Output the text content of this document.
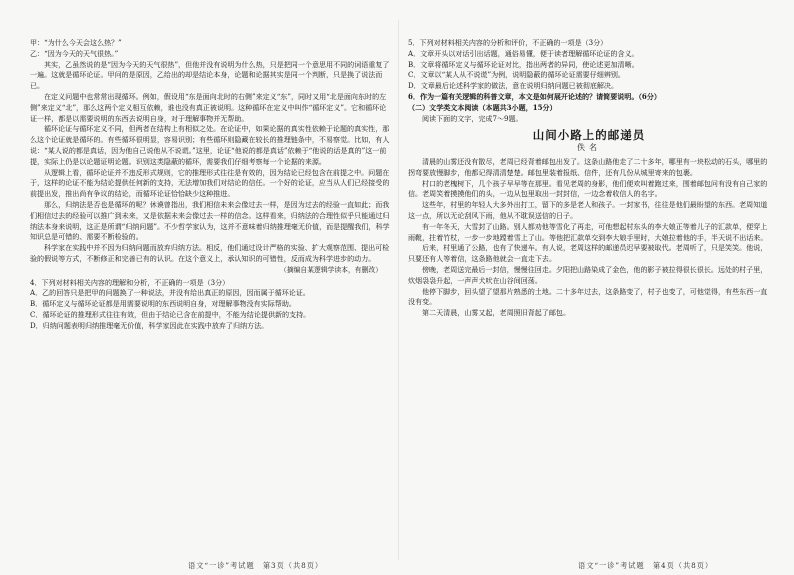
甲：“为什么今天会这么热？”

乙：“因为今天的天气很热。”

其实，乙虽然说的是“因为今天的天气很热”，但他并没有说明为什么热，只是把同一个意思用不同的词语重复了一遍。这就是循环论证。甲问的是原因，乙给出的却是结论本身，论题和论据其实是同一个判断，只是换了说法而已。

在定义问题中也常常出现循环。例如，假设用“东是面向北时的右侧”来定义“东”，同时又用“北是面向东时的左侧”来定义“北”，那么这两个定义相互依赖，谁也没有真正被说明。这种循环在定义中叫作“循环定义”。它和循环论证一样，都是以需要说明的东西去说明自身，对于理解事物并无帮助。

循环论证与循环定义不同，但两者在结构上有相似之处。在论证中，如果论据的真实性依赖于论题的真实性，那么这个论证就是循环的。有些循环很明显，容易识别；有些循环则隐藏在较长的推理链条中，不易察觉。比如，有人说：“某人说的都是真话，因为他自己说他从不说谎。”这里，论证“他说的都是真话”依赖于“他说的话是真的”这一前提，实际上仍是以论题证明论题。识别这类隐蔽的循环，需要我们仔细考察每一个论据的来源。

从逻辑上看，循环论证并不违反形式规则，它的推理形式往往是有效的，因为结论已经包含在前提之中。问题在于，这样的论证不能为结论提供任何新的支持，无法增加我们对结论的信任。一个好的论证，应当从人们已经接受的前提出发，推出尚有争议的结论，而循环论证恰恰缺少这种推进。

那么，归纳法是否也是循环的呢？休谟曾指出，我们相信未来会像过去一样，是因为过去的经验一直如此；而我们相信过去的经验可以推广到未来，又是依据未来会像过去一样的信念。这样看来，归纳法的合理性似乎只能通过归纳法本身来说明，这正是所谓“归纳问题”。不少哲学家认为，这并不意味着归纳推理毫无价值，而是提醒我们，科学知识总是可错的、需要不断检验的。

科学家在实践中并不因为归纳问题而放弃归纳方法。相反，他们通过设计严格的实验、扩大观察范围、提出可检验的假说等方式，不断修正和完善已有的认识。在这个意义上，承认知识的可错性，反而成为科学进步的动力。

（摘编自某逻辑学读本，有删改）

4．下列对材料相关内容的理解和分析，不正确的一项是（3分）

A．乙的回答只是把甲的问题换了一种说法，并没有给出真正的原因，因而属于循环论证。

B．循环定义与循环论证都是用需要说明的东西说明自身，对理解事物没有实际帮助。

C．循环论证的推理形式往往有效，但由于结论已含在前提中，不能为结论提供新的支持。

D．归纳问题表明归纳推理毫无价值，科学家因此在实践中放弃了归纳方法。

5．下列对材料相关内容的分析和评价，不正确的一项是（3分）

A．文章开头以对话引出话题，通俗易懂，便于读者理解循环论证的含义。

B．文章将循环定义与循环论证对比，指出两者的异同，使论述更加清晰。

C．文章以“某人从不说谎”为例，说明隐蔽的循环论证需要仔细辨别。

D．文章最后论述科学家的做法，意在说明归纳问题已被彻底解决。

6．作为一篇有关逻辑的科普文章，本文是如何展开论述的？请简要说明。（6分）

（二）文学类文本阅读（本题共3小题，15分）

阅读下面的文字，完成7～9题。

山间小路上的邮递员
佚名

清晨的山雾还没有散尽，老周已经背着邮包出发了。这条山路他走了二十多年，哪里有一块松动的石头，哪里的拐弯要放慢脚步，他都记得清清楚楚。邮包里装着报纸、信件，还有几份从城里寄来的包裹。

村口的老槐树下，几个孩子早早等在那里。看见老周的身影，他们便欢叫着跑过来，围着邮包问有没有自己家的信。老周笑着摸摸他们的头，一边从包里取出一封封信，一边念着收信人的名字。

这些年，村里的年轻人大多外出打工，留下的多是老人和孩子。一封家书，往往是他们最盼望的东西。老周知道这一点，所以无论刮风下雨，他从不耽误送信的日子。

有一年冬天，大雪封了山路。别人都劝他等雪化了再走，可他想起村东头的李大娘正等着儿子的汇款单，便穿上雨靴，拄着竹杖，一步一步地蹚着雪上了山。等他把汇款单交到李大娘手里时，大娘拉着他的手，半天说不出话来。

后来，村里通了公路，也有了快递车。有人说，老周这样的邮递员迟早要被取代。老周听了，只是笑笑。他说，只要还有人等着信，这条路他就会一直走下去。

傍晚，老周送完最后一封信，慢慢往回走。夕阳把山路染成了金色，他的影子被拉得很长很长。远处的村子里，炊烟袅袅升起，一声声犬吠在山谷间回荡。

他停下脚步，回头望了望那片熟悉的土地。二十多年过去，这条路变了，村子也变了，可他觉得，有些东西一直没有变。

第二天清晨，山雾又起，老周照旧背起了邮包。

语文“一诊”考试题　第3页（共8页）	语文“一诊”考试题　第4页（共8页）
